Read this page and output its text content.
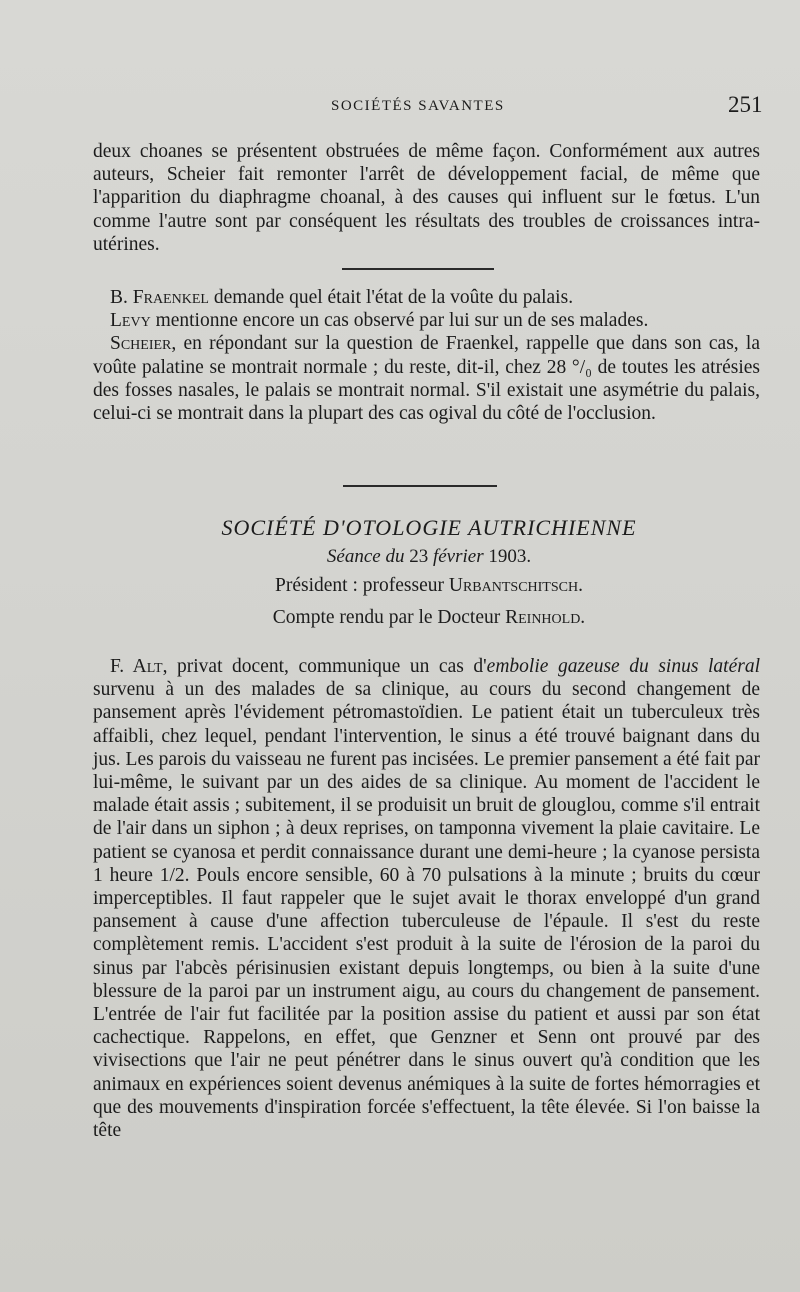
SOCIÉTÉS SAVANTES	251

deux choanes se présentent obstruées de même façon. Conformément aux autres auteurs, Scheier fait remonter l'arrêt de développement facial, de même que l'apparition du diaphragme choanal, à des causes qui influent sur le fœtus. L'un comme l'autre sont par conséquent les résultats des troubles de croissances intra-utérines.

B. Fraenkel demande quel était l'état de la voûte du palais.

Levy mentionne encore un cas observé par lui sur un de ses malades.

Scheier, en répondant sur la question de Fraenkel, rappelle que dans son cas, la voûte palatine se montrait normale ; du reste, dit-il, chez 28 °/₀ de toutes les atrésies des fosses nasales, le palais se montrait normal. S'il existait une asymétrie du palais, celui-ci se montrait dans la plupart des cas ogival du côté de l'occlusion.

SOCIÉTÉ D'OTOLOGIE AUTRICHIENNE
Séance du 23 février 1903.
Président : professeur Urbantschitsch.
Compte rendu par le Docteur Reinhold.

F. Alt, privat docent, communique un cas d'embolie gazeuse du sinus latéral survenu à un des malades de sa clinique, au cours du second changement de pansement après l'évidement pétromastoïdien. Le patient était un tuberculeux très affaibli, chez lequel, pendant l'intervention, le sinus a été trouvé baignant dans du jus. Les parois du vaisseau ne furent pas incisées. Le premier pansement a été fait par lui-même, le suivant par un des aides de sa clinique. Au moment de l'accident le malade était assis ; subitement, il se produisit un bruit de glouglou, comme s'il entrait de l'air dans un siphon ; à deux reprises, on tamponna vivement la plaie cavitaire. Le patient se cyanosa et perdit connaissance durant une demi-heure ; la cyanose persista 1 heure 1/2. Pouls encore sensible, 60 à 70 pulsations à la minute ; bruits du cœur imperceptibles. Il faut rappeler que le sujet avait le thorax enveloppé d'un grand pansement à cause d'une affection tuberculeuse de l'épaule. Il s'est du reste complètement remis. L'accident s'est produit à la suite de l'érosion de la paroi du sinus par l'abcès périsinusien existant depuis longtemps, ou bien à la suite d'une blessure de la paroi par un instrument aigu, au cours du changement de pansement. L'entrée de l'air fut facilitée par la position assise du patient et aussi par son état cachectique. Rappelons, en effet, que Genzner et Senn ont prouvé par des vivisections que l'air ne peut pénétrer dans le sinus ouvert qu'à condition que les animaux en expériences soient devenus anémiques à la suite de fortes hémorragies et que des mouvements d'inspiration forcée s'effectuent, la tête élevée. Si l'on baisse la tête
